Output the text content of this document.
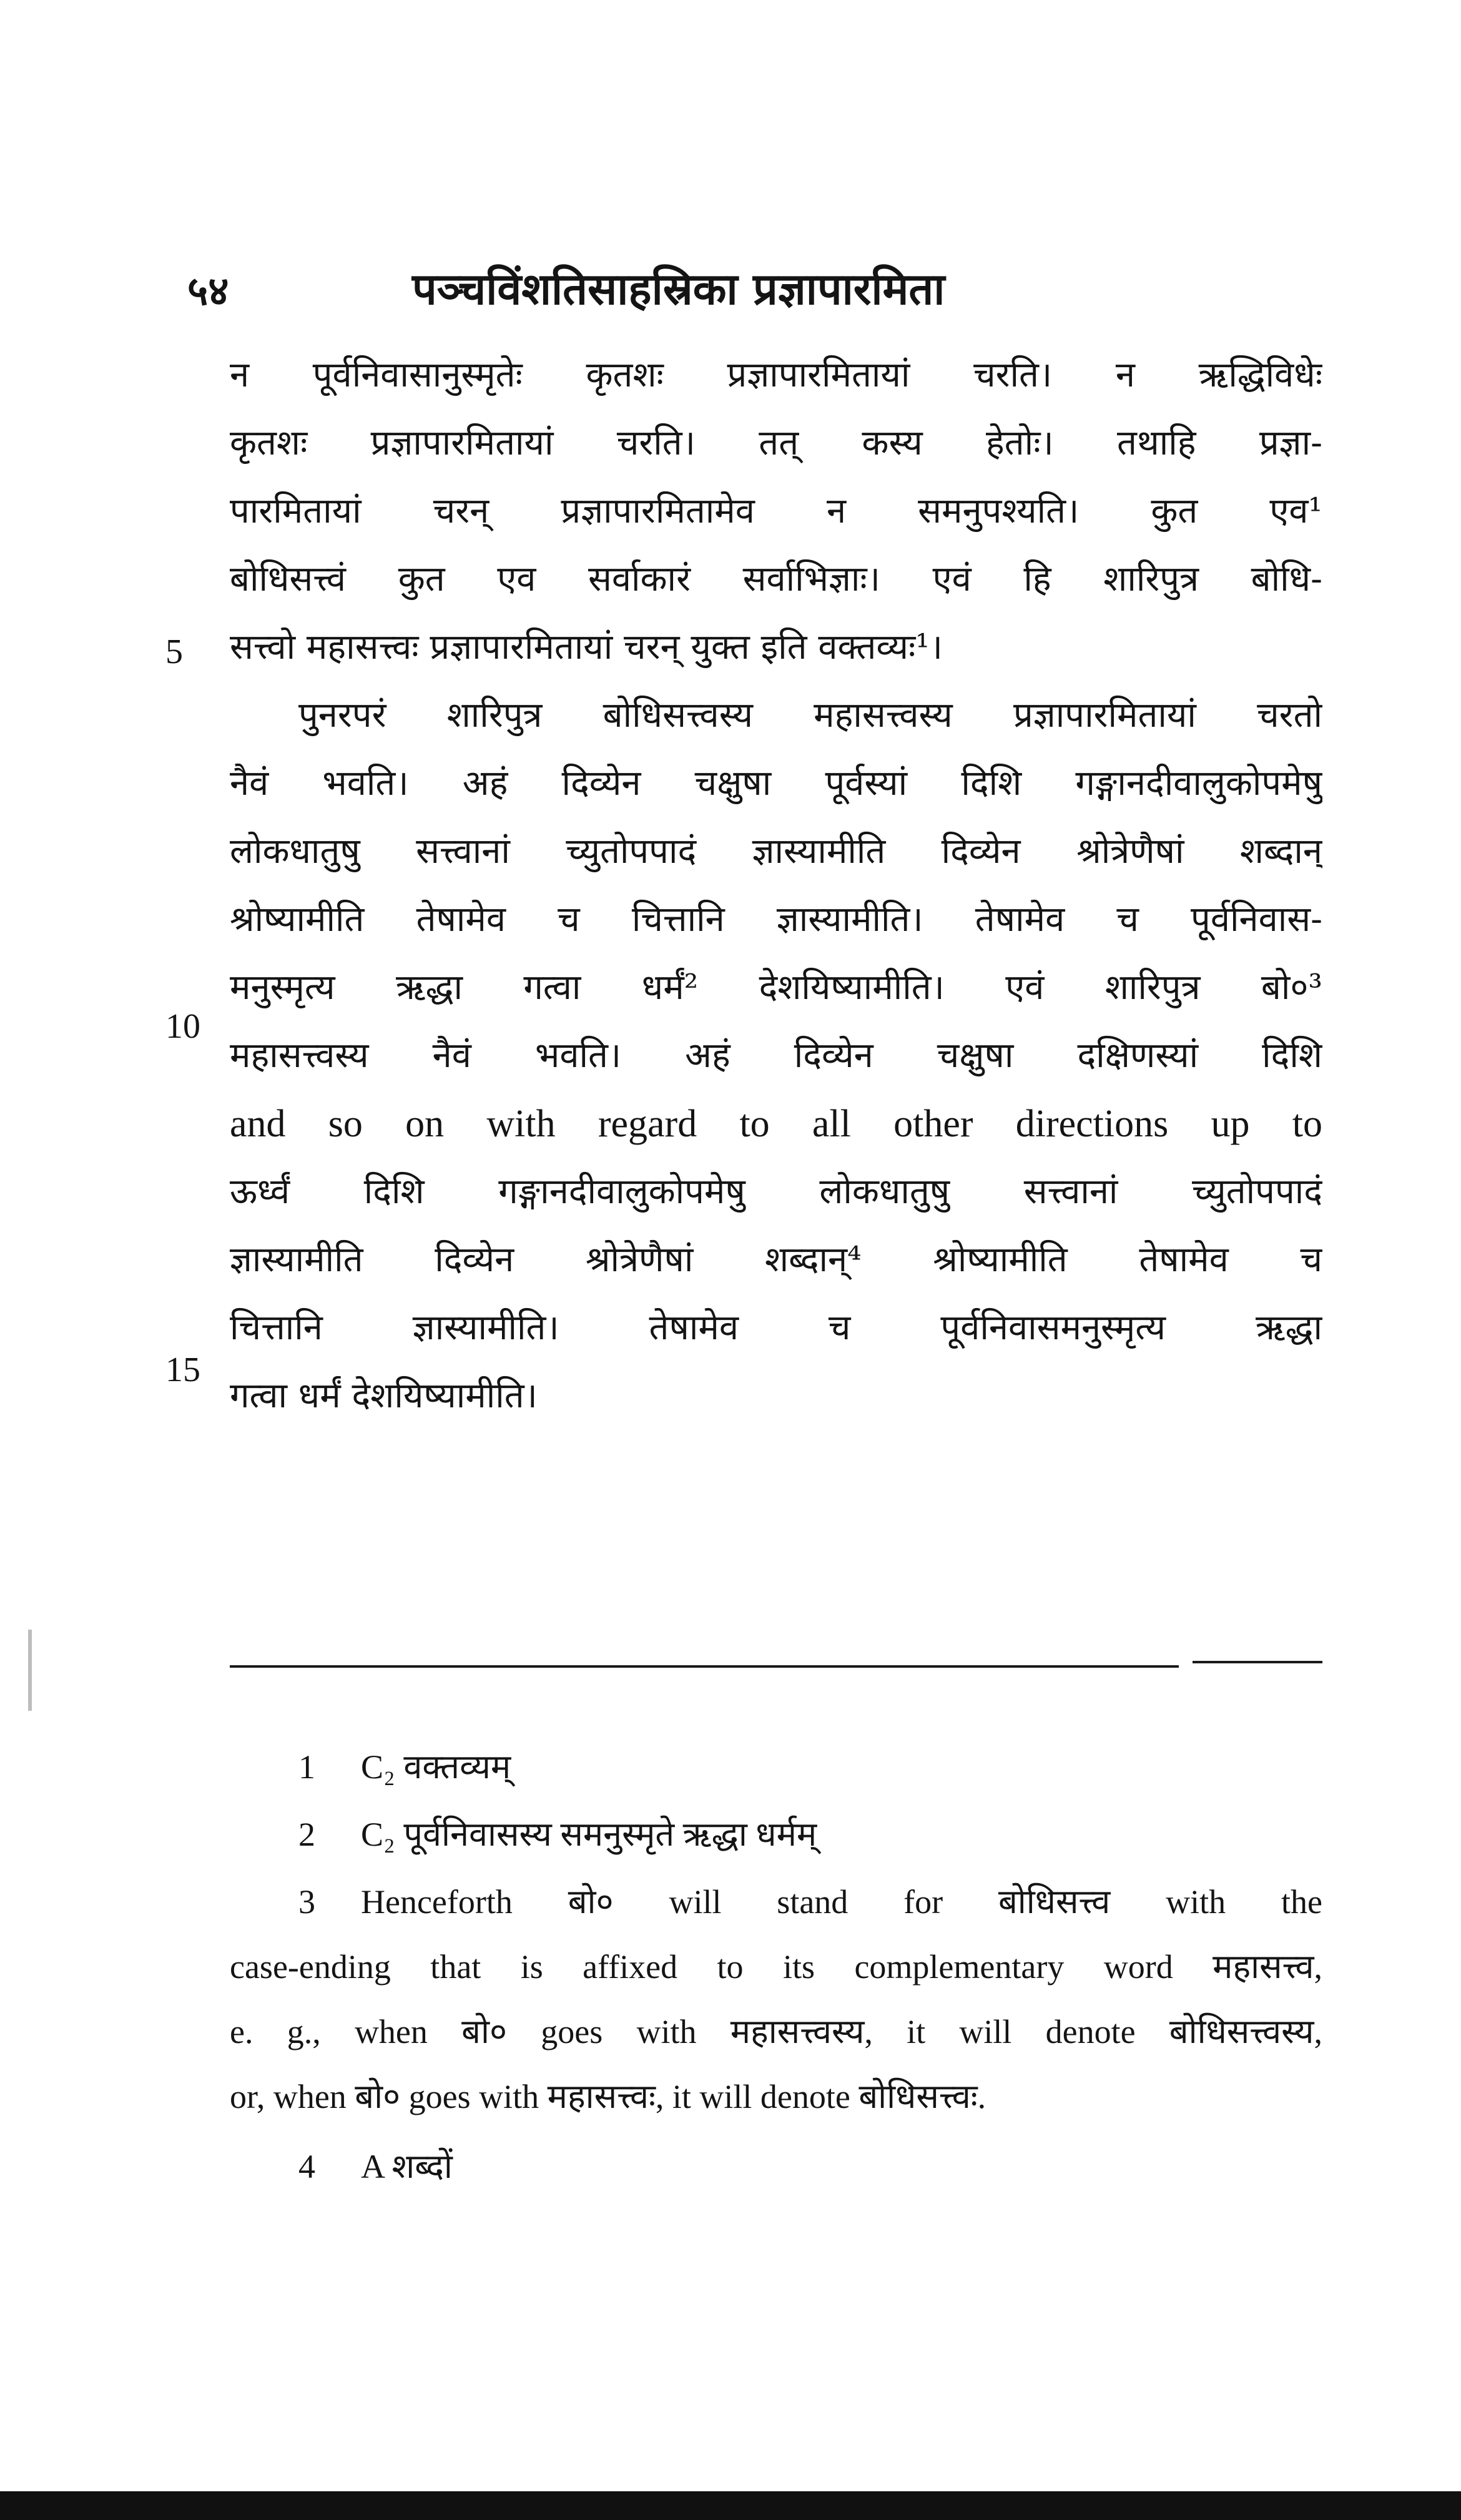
५४	पञ्चविंशतिसाहस्रिका प्रज्ञापारमिता
5
10
15
न पूर्वनिवासानुस्मृतेः कृतशः प्रज्ञापारमितायां चरति। न ऋद्धिविधेः
कृतशः प्रज्ञापारमितायां चरति। तत् कस्य हेतोः। तथाहि प्रज्ञा-
पारमितायां चरन् प्रज्ञापारमितामेव न समनुपश्यति। कुत एव¹
बोधिसत्त्वं कुत एव सर्वाकारं सर्वाभिज्ञाः। एवं हि शारिपुत्र बोधि-
सत्त्वो महासत्त्वः प्रज्ञापारमितायां चरन् युक्त इति वक्तव्यः¹।
पुनरपरं शारिपुत्र बोधिसत्त्वस्य महासत्त्वस्य प्रज्ञापारमितायां चरतो
नैवं भवति। अहं दिव्येन चक्षुषा पूर्वस्यां दिशि गङ्गानदीवालुकोपमेषु
लोकधातुषु सत्त्वानां च्युतोपपादं ज्ञास्यामीति दिव्येन श्रोत्रेणैषां शब्दान्
श्रोष्यामीति तेषामेव च चित्तानि ज्ञास्यामीति। तेषामेव च पूर्वनिवास-
मनुस्मृत्य ऋद्धा गत्वा धर्मं² देशयिष्यामीति। एवं शारिपुत्र बो०³
महासत्त्वस्य नैवं भवति। अहं दिव्येन चक्षुषा दक्षिणस्यां दिशि
and so on with regard to all other directions up to
ऊर्ध्वं दिशि गङ्गानदीवालुकोपमेषु लोकधातुषु सत्त्वानां च्युतोपपादं
ज्ञास्यामीति दिव्येन श्रोत्रेणैषां शब्दान्⁴ श्रोष्यामीति तेषामेव च
चित्तानि ज्ञास्यामीति। तेषामेव च पूर्वनिवासमनुस्मृत्य ऋद्धा
गत्वा धर्मं देशयिष्यामीति।
1 C₂ वक्तव्यम्
2 C₂ पूर्वनिवासस्य समनुस्मृते ऋद्धा धर्मम्
3 Henceforth बो० will stand for बोधिसत्त्व with the
case-ending that is affixed to its complementary word महासत्त्व,
e. g., when बो० goes with महासत्त्वस्य, it will denote बोधिसत्त्वस्य,
or, when बो० goes with महासत्त्वः, it will denote बोधिसत्त्वः.
4 A शब्दों
